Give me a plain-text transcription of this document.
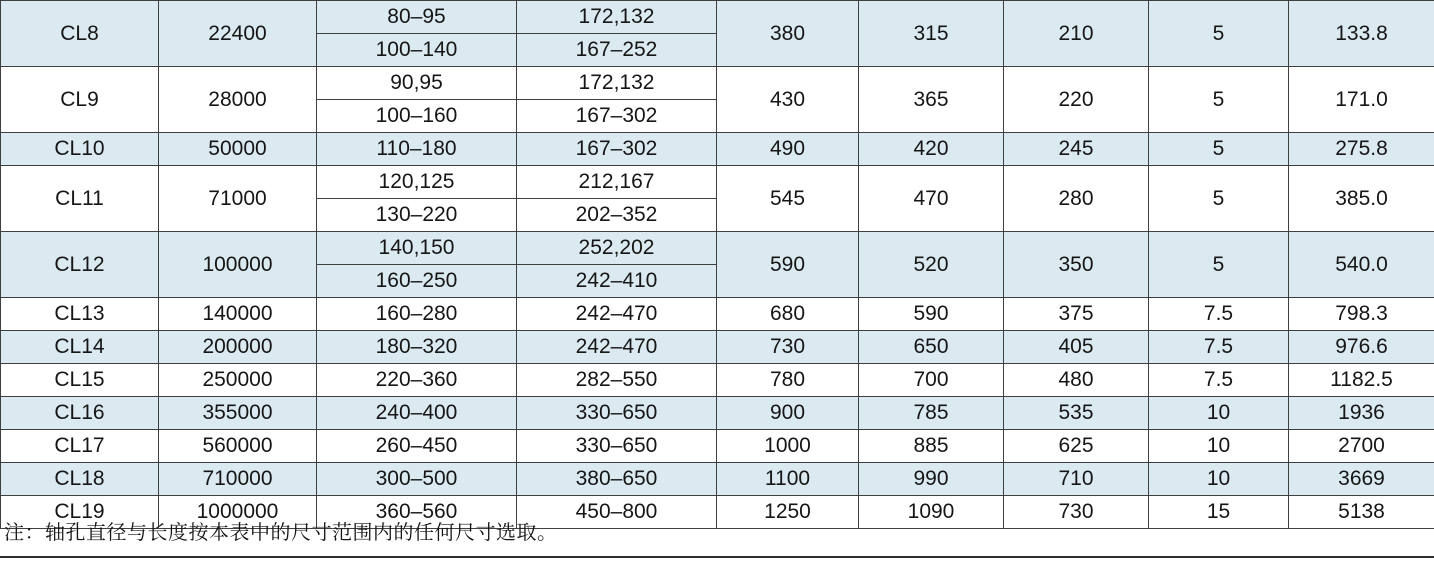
CL8	22400	80–95	172,132	380	315	210	5	133.8
		100–140	167–252					
CL9	28000	90,95	172,132	430	365	220	5	171.0
		100–160	167–302					
CL10	50000	110–180	167–302	490	420	245	5	275.8
CL11	71000	120,125	212,167	545	470	280	5	385.0
		130–220	202–352					
CL12	100000	140,150	252,202	590	520	350	5	540.0
		160–250	242–410					
CL13	140000	160–280	242–470	680	590	375	7.5	798.3
CL14	200000	180–320	242–470	730	650	405	7.5	976.6
CL15	250000	220–360	282–550	780	700	480	7.5	1182.5
CL16	355000	240–400	330–650	900	785	535	10	1936
CL17	560000	260–450	330–650	1000	885	625	10	2700
CL18	710000	300–500	380–650	1100	990	710	10	3669
CL19	1000000	360–560	450–800	1250	1090	730	15	5138
注：轴孔直径与长度按本表中的尺寸范围内的任何尺寸选取。
